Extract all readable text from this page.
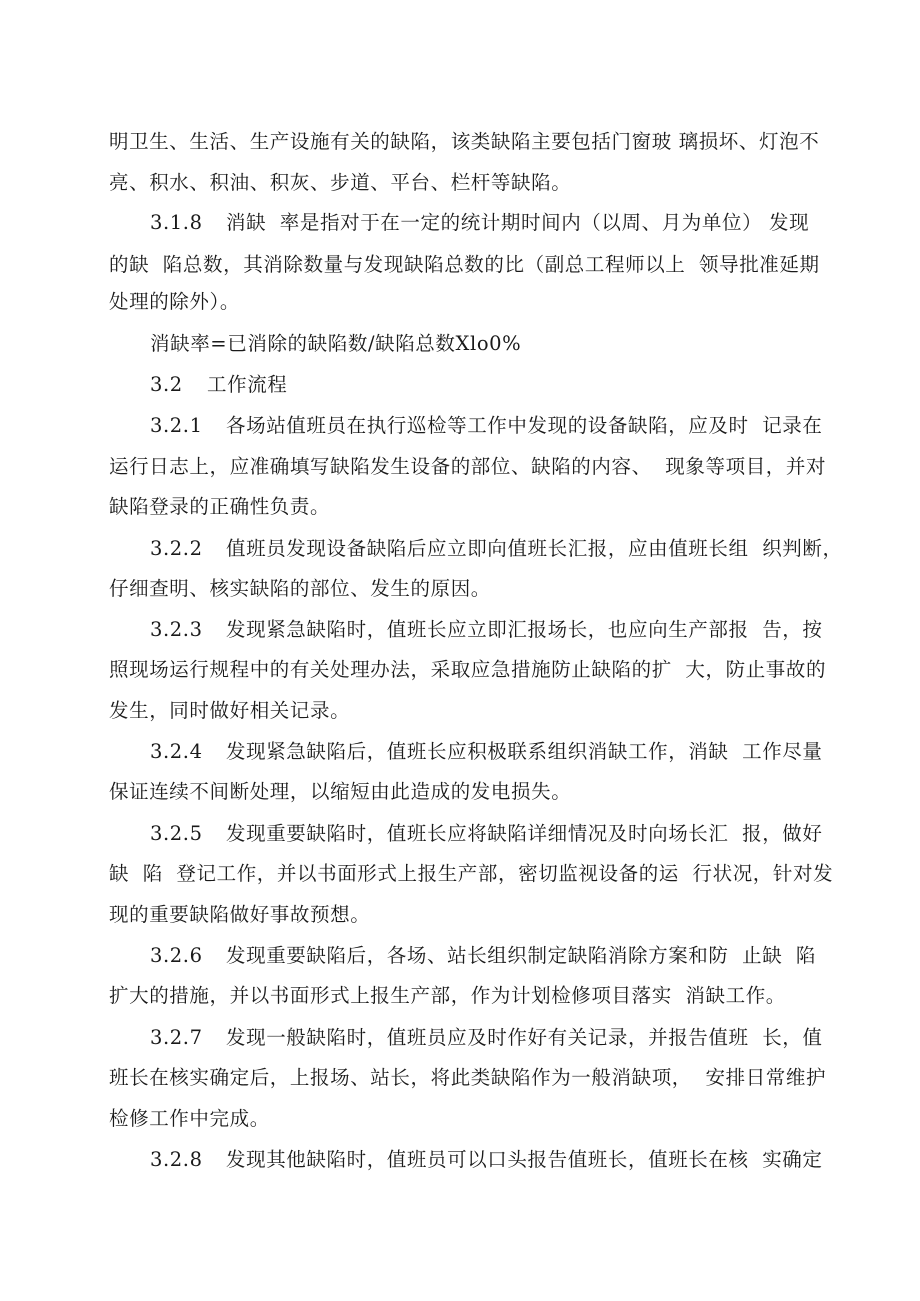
明卫生、生活、生产设施有关的缺陷，该类缺陷主要包括门窗玻 璃损坏、灯泡不
亮、积水、积油、积灰、步道、平台、栏杆等缺陷。
3.1.8 消缺  率是指对于在一定的统计期时间内（以周、月为单位） 发现
的缺  陷总数，其消除数量与发现缺陷总数的比（副总工程师以上  领导批准延期
处理的除外）。
消缺率=已消除的缺陷数/缺陷总数Xlo0%
3.2 工作流程
3.2.1 各场站值班员在执行巡检等工作中发现的设备缺陷，应及时  记录在
运行日志上，应准确填写缺陷发生设备的部位、缺陷的内容、  现象等项目，并对
缺陷登录的正确性负责。
3.2.2 值班员发现设备缺陷后应立即向值班长汇报，应由值班长组  织判断，
仔细查明、核实缺陷的部位、发生的原因。
3.2.3 发现紧急缺陷时，值班长应立即汇报场长，也应向生产部报  告，按
照现场运行规程中的有关处理办法，采取应急措施防止缺陷的扩  大，防止事故的
发生，同时做好相关记录。
3.2.4 发现紧急缺陷后，值班长应积极联系组织消缺工作，消缺  工作尽量
保证连续不间断处理，以缩短由此造成的发电损失。
3.2.5 发现重要缺陷时，值班长应将缺陷详细情况及时向场长汇  报，做好
缺  陷  登记工作，并以书面形式上报生产部，密切监视设备的运  行状况，针对发
现的重要缺陷做好事故预想。
3.2.6 发现重要缺陷后，各场、站长组织制定缺陷消除方案和防  止缺  陷
扩大的措施，并以书面形式上报生产部，作为计划检修项目落实  消缺工作。
3.2.7 发现一般缺陷时，值班员应及时作好有关记录，并报告值班  长，值
班长在核实确定后，上报场、站长，将此类缺陷作为一般消缺项，  安排日常维护
检修工作中完成。
3.2.8 发现其他缺陷时，值班员可以口头报告值班长，值班长在核  实确定
